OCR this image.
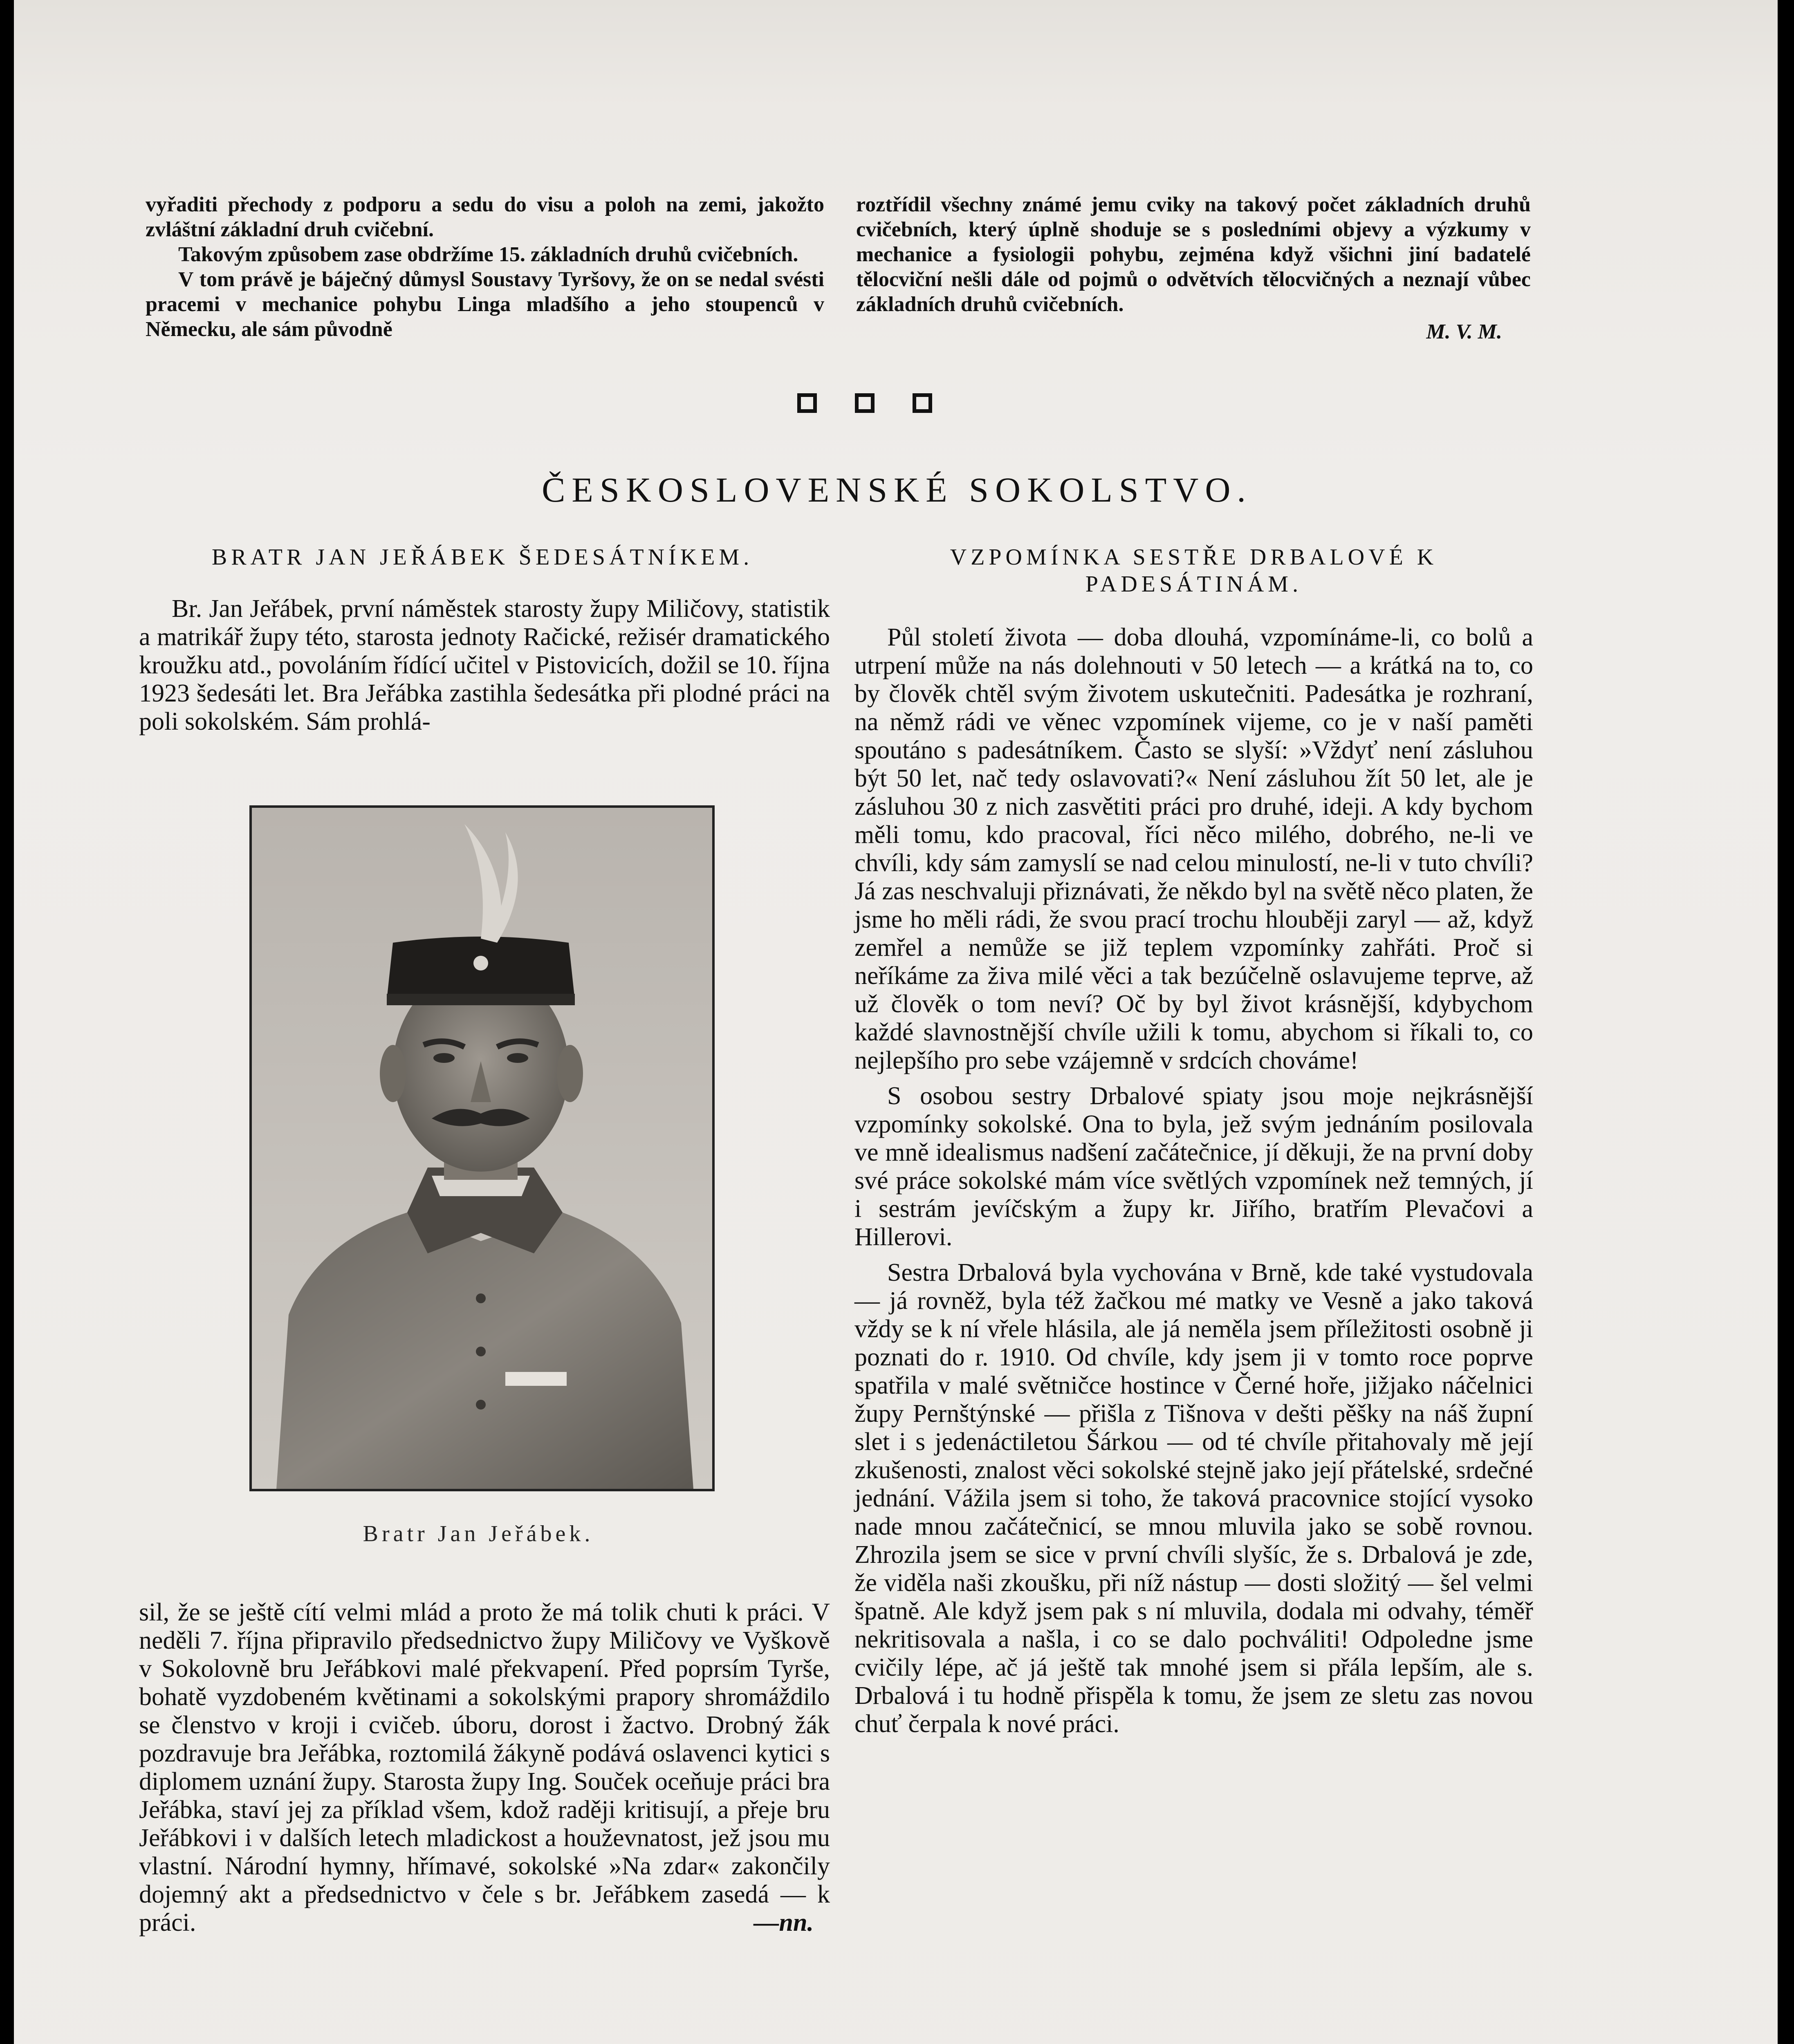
vyřaditi přechody z podporu a sedu do visu a poloh na zemi, jakožto zvláštní základní druh cvičební.

Takovým způsobem zase obdržíme 15. základních druhů cvičebních.

V tom právě je báječný důmysl Soustavy Tyršovy, že on se nedal svésti pracemi v mechanice pohybu Linga mladšího a jeho stoupenců v Německu, ale sám původně

roztřídil všechny známé jemu cviky na takový počet základních druhů cvičebních, který úplně shoduje se s posledními objevy a výzkumy v mechanice a fysiologii pohybu, zejména když všichni jiní badatelé tělocviční nešli dále od pojmů o odvětvích tělocvičných a neznají vůbec základních druhů cvičebních.

M. V. M.

ČESKOSLOVENSKÉ SOKOLSTVO.
BRATR JAN JEŘÁBEK ŠEDESÁTNÍKEM.

Br. Jan Jeřábek, první náměstek starosty župy Miličovy, statistik a matrikář župy této, starosta jednoty Račické, režisér dramatického kroužku atd., povoláním řídící učitel v Pistovicích, dožil se 10. října 1923 šedesáti let. Bra Jeřábka zastihla šedesátka při plodné práci na poli sokolském. Sám prohlá-

Bratr Jan Jeřábek.

sil, že se ještě cítí velmi mlád a proto že má tolik chuti k práci. V neděli 7. října připravilo předsednictvo župy Miličovy ve Vyškově v Sokolovně bru Jeřábkovi malé překvapení. Před poprsím Tyrše, bohatě vyzdobeném květinami a sokolskými prapory shromáždilo se členstvo v kroji i cvičeb. úboru, dorost i žactvo. Drobný žák pozdravuje bra Jeřábka, roztomilá žákyně podává oslavenci kytici s diplomem uznání župy. Starosta župy Ing. Souček oceňuje práci bra Jeřábka, staví jej za příklad všem, kdož raději kritisují, a přeje bru Jeřábkovi i v dalších letech mladickost a houževnatost, jež jsou mu vlastní. Národní hymny, hřímavé, sokolské »Na zdar« zakončily dojemný akt a předsednictvo v čele s br. Jeřábkem zasedá — k práci.	—nn.

VZPOMÍNKA SESTŘE DRBALOVÉ K PADESÁTINÁM.

Půl století života — doba dlouhá, vzpomínáme-li, co bolů a utrpení může na nás dolehnouti v 50 letech — a krátká na to, co by člověk chtěl svým životem uskutečniti. Padesátka je rozhraní, na němž rádi ve věnec vzpomínek vijeme, co je v naší paměti spoutáno s padesátníkem. Často se slyší: »Vždyť není zásluhou být 50 let, nač tedy oslavovati?« Není zásluhou žít 50 let, ale je zásluhou 30 z nich zasvětiti práci pro druhé, ideji. A kdy bychom měli tomu, kdo pracoval, říci něco milého, dobrého, ne-li ve chvíli, kdy sám zamyslí se nad celou minulostí, ne-li v tuto chvíli? Já zas neschvaluji přiznávati, že někdo byl na světě něco platen, že jsme ho měli rádi, že svou prací trochu hlouběji zaryl — až, když zemřel a nemůže se již teplem vzpomínky zahřáti. Proč si neříkáme za živa milé věci a tak bezúčelně oslavujeme teprve, až už člověk o tom neví? Oč by byl život krásnější, kdybychom každé slavnostnější chvíle užili k tomu, abychom si říkali to, co nejlepšího pro sebe vzájemně v srdcích chováme!

S osobou sestry Drbalové spiaty jsou moje nejkrásnější vzpomínky sokolské. Ona to byla, jež svým jednáním posilovala ve mně idealismus nadšení začátečnice, jí děkuji, že na první doby své práce sokolské mám více světlých vzpomínek než temných, jí i sestrám jevíčským a župy kr. Jiřího, bratřím Plevačovi a Hillerovi.

Sestra Drbalová byla vychována v Brně, kde také vystudovala — já rovněž, byla též žačkou mé matky ve Vesně a jako taková vždy se k ní vřele hlásila, ale já neměla jsem příležitosti osobně ji poznati do r. 1910. Od chvíle, kdy jsem ji v tomto roce poprve spatřila v malé světničce hostince v Černé hoře, jižjako náčelnici župy Pernštýnské — přišla z Tišnova v dešti pěšky na náš župní slet i s jedenáctiletou Šárkou — od té chvíle přitahovaly mě její zkušenosti, znalost věci sokolské stejně jako její přátelské, srdečné jednání. Vážila jsem si toho, že taková pracovnice stojící vysoko nade mnou začátečnicí, se mnou mluvila jako se sobě rovnou. Zhrozila jsem se sice v první chvíli slyšíc, že s. Drbalová je zde, že viděla naši zkoušku, při níž nástup — dosti složitý — šel velmi špatně. Ale když jsem pak s ní mluvila, dodala mi odvahy, téměř nekritisovala a našla, i co se dalo pochváliti! Odpoledne jsme cvičily lépe, ač já ještě tak mnohé jsem si přála lepším, ale s. Drbalová i tu hodně přispěla k tomu, že jsem ze sletu zas novou chuť čerpala k nové práci.
